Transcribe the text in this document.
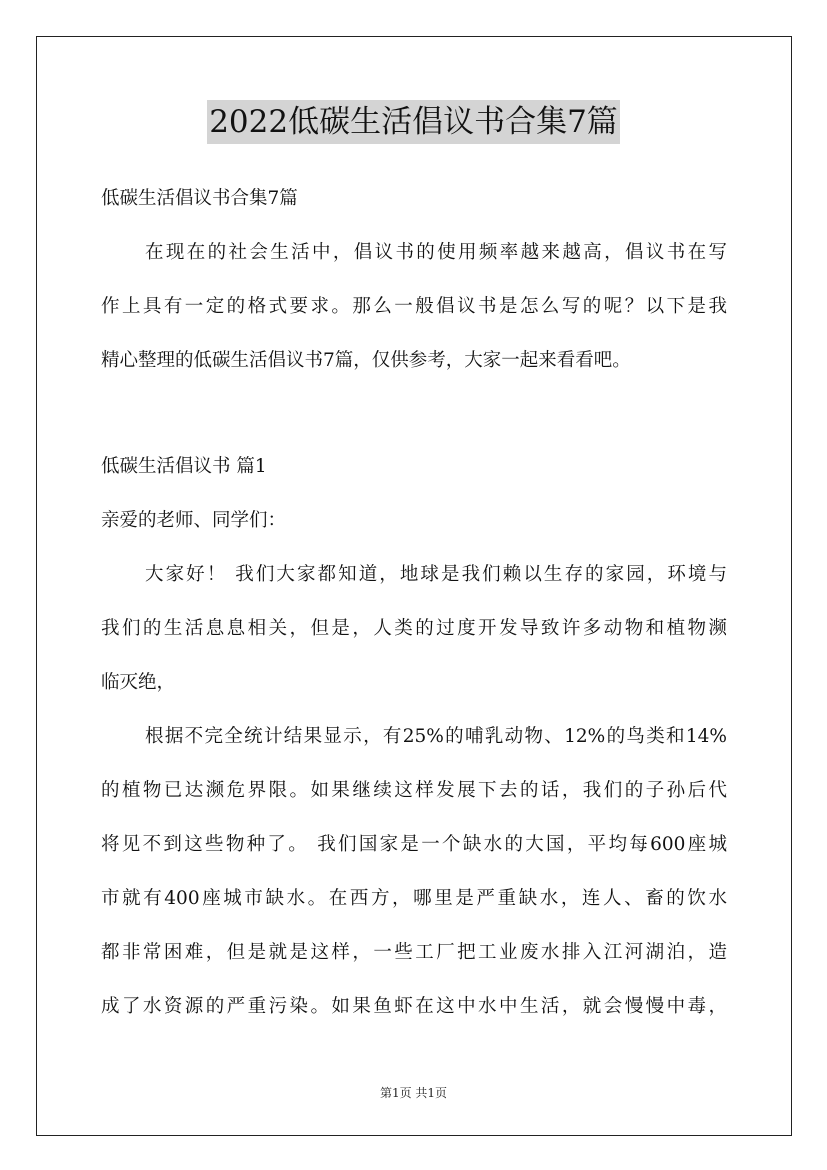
2022低碳生活倡议书合集7篇
低碳生活倡议书合集7篇
在现在的社会生活中，倡议书的使用频率越来越高，倡议书在写
作上具有一定的格式要求。那么一般倡议书是怎么写的呢？以下是我
精心整理的低碳生活倡议书7篇，仅供参考，大家一起来看看吧。
低碳生活倡议书 篇1
亲爱的老师、同学们：
大家好！ 我们大家都知道，地球是我们赖以生存的家园，环境与
我们的生活息息相关，但是，人类的过度开发导致许多动物和植物濒
临灭绝，
根据不完全统计结果显示，有25%的哺乳动物、12%的鸟类和14%
的植物已达濒危界限。如果继续这样发展下去的话，我们的子孙后代
将见不到这些物种了。 我们国家是一个缺水的大国，平均每600座城
市就有400座城市缺水。在西方，哪里是严重缺水，连人、畜的饮水
都非常困难，但是就是这样，一些工厂把工业废水排入江河湖泊，造
成了水资源的严重污染。如果鱼虾在这中水中生活，就会慢慢中毒，
第1页 共1页
